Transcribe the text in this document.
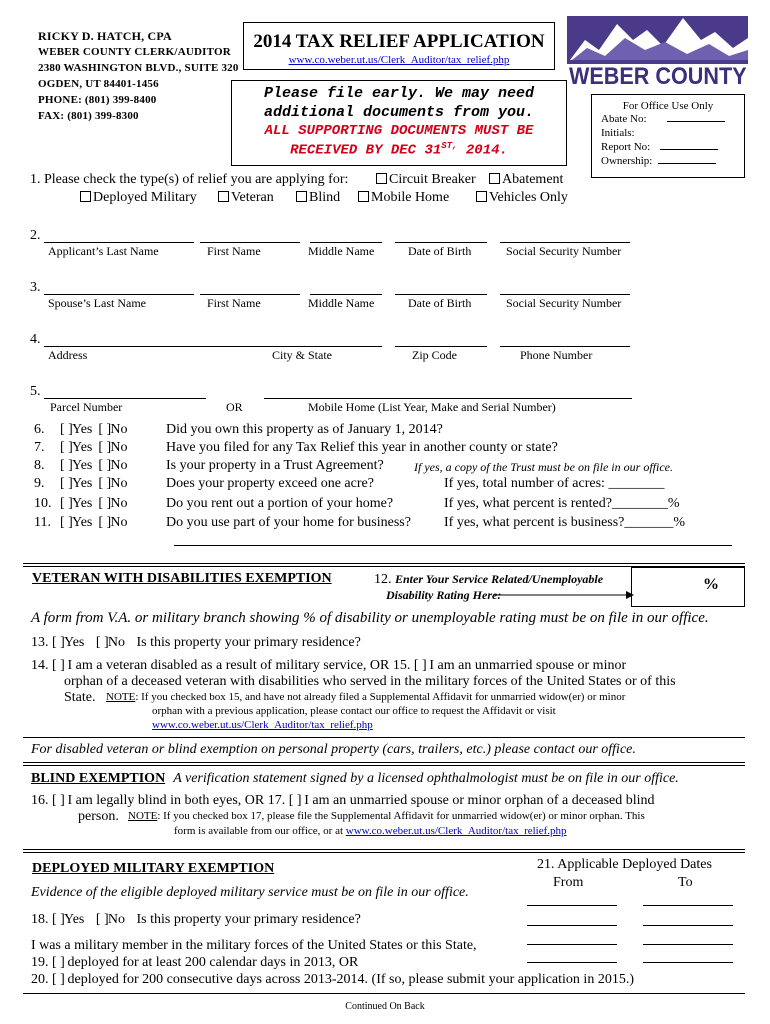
RICKY D. HATCH, CPA
WEBER COUNTY CLERK/AUDITOR
2380 WASHINGTON BLVD., SUITE 320
OGDEN, UT 84401-1456
PHONE: (801) 399-8400
FAX: (801) 399-8300
2014 TAX RELIEF APPLICATION
www.co.weber.ut.us/Clerk_Auditor/tax_relief.php
Please file early. We may need
additional documents from you.
ALL SUPPORTING DOCUMENTS MUST BE
RECEIVED BY DEC $31^{ST,}$ 2014.
WEBER COUNTY
For Office Use Only
Abate No:
Initials:
Report No:
Ownership:
1. Please check the type(s) of relief you are applying for:	Circuit Breaker	Abatement
Deployed Military	Veteran	Blind	Mobile Home	Vehicles Only
2.
Applicant’s Last Name	First Name	Middle Name	Date of Birth	Social Security Number
3.
Spouse’s Last Name	First Name	Middle Name	Date of Birth	Social Security Number
4.
Address	City & State	Zip Code	Phone Number
5.
Parcel Number	OR	Mobile Home (List Year, Make and Serial Number)
6. [ ]Yes [ ]No	Did you own this property as of January 1, 2014?
7. [ ]Yes [ ]No	Have you filed for any Tax Relief this year in another county or state?
8. [ ]Yes [ ]No	Is your property in a Trust Agreement?	If yes, a copy of the Trust must be on file in our office.
9. [ ]Yes [ ]No	Does your property exceed one acre?	If yes, total number of acres: ________
10. [ ]Yes [ ]No	Do you rent out a portion of your home?	If yes, what percent is rented?________%
11. [ ]Yes [ ]No	Do you use part of your home for business? If yes, what percent is business?_______%
VETERAN WITH DISABILITIES EXEMPTION	12. Enter Your Service Related/Unemployable
Disability Rating Here:
%
A form from V.A. or military branch showing % of disability or unemployable rating must be on file in our office.
13. [ ]Yes [ ]No Is this property your primary residence?
14. [ ] I am a veteran disabled as a result of military service, OR 15. [ ] I am an unmarried spouse or minor
orphan of a deceased veteran with disabilities who served in the military forces of the United States or of this
State. NOTE: If you checked box 15, and have not already filed a Supplemental Affidavit for unmarried widow(er) or minor
orphan with a previous application, please contact our office to request the Affidavit or visit
www.co.weber.ut.us/Clerk_Auditor/tax_relief.php
For disabled veteran or blind exemption on personal property (cars, trailers, etc.) please contact our office.
BLIND EXEMPTION A verification statement signed by a licensed ophthalmologist must be on file in our office.
16. [ ] I am legally blind in both eyes, OR 17. [ ] I am an unmarried spouse or minor orphan of a deceased blind
person. NOTE: If you checked box 17, please file the Supplemental Affidavit for unmarried widow(er) or minor orphan. This
form is available from our office, or at www.co.weber.ut.us/Clerk_Auditor/tax_relief.php
DEPLOYED MILITARY EXEMPTION
Evidence of the eligible deployed military service must be on file in our office.
18. [ ]Yes [ ]No Is this property your primary residence?
I was a military member in the military forces of the United States or this State,
19. [ ] deployed for at least 200 calendar days in 2013, OR
20. [ ] deployed for 200 consecutive days across 2013-2014. (If so, please submit your application in 2015.)
21. Applicable Deployed Dates
From	To
Continued On Back
